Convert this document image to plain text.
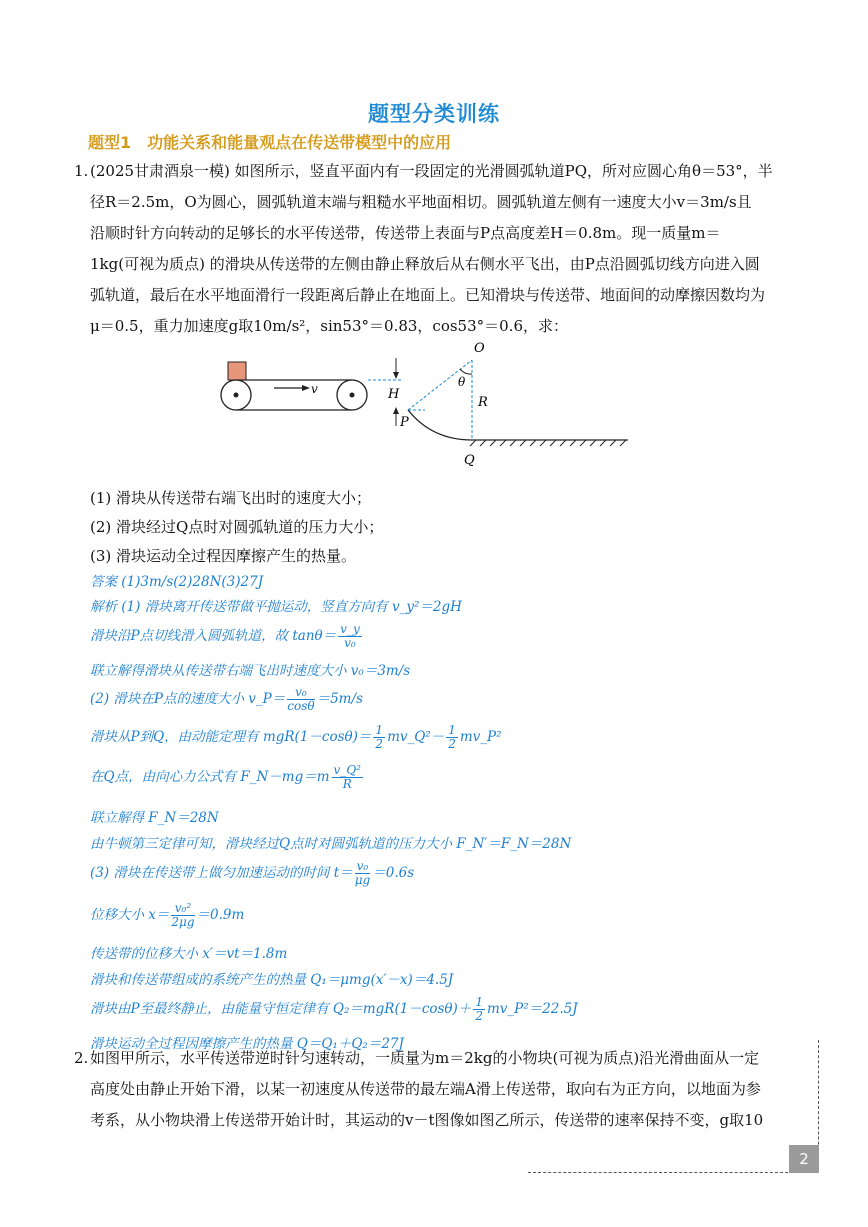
题型分类训练
题型1 功能关系和能量观点在传送带模型中的应用
1. (2025甘肃酒泉一模) 如图所示，竖直平面内有一段固定的光滑圆弧轨道PQ，所对应圆心角θ＝53°，半
径R＝2.5m，O为圆心，圆弧轨道末端与粗糙水平地面相切。圆弧轨道左侧有一速度大小v＝3m/s且
沿顺时针方向转动的足够长的水平传送带，传送带上表面与P点高度差H＝0.8m。现一质量m＝
1kg(可视为质点) 的滑块从传送带的左侧由静止释放后从右侧水平飞出，由P点沿圆弧切线方向进入圆
弧轨道，最后在水平地面滑行一段距离后静止在地面上。已知滑块与传送带、地面间的动摩擦因数均为
μ＝0.5，重力加速度g取10m/s²，sin53°＝0.83，cos53°＝0.6，求：
v	H
P
O
θ
R
Q
(1) 滑块从传送带右端飞出时的速度大小；
(2) 滑块经过Q点时对圆弧轨道的压力大小；
(3) 滑块运动全过程因摩擦产生的热量。
答案 (1)3m/s(2)28N(3)27J
解析 (1) 滑块离开传送带做平抛运动，竖直方向有 v_y²＝2gH
滑块沿P点切线滑入圆弧轨道，故 $\tan\theta= \frac{v\_y}{\text{v₀}}$
联立解得滑块从传送带右端飞出时速度大小 v₀＝3m/s
(2) 滑块在P点的速度大小 v_P＝ $\frac{\text{v₀}}{\cos\theta} =5m/s$
滑块从P到Q，由动能定理有 $mgR(1-\cos\theta)= \frac{1}{2}$ mv_Q²－ $\frac{1}{2}$ mv_P²
在Q点，由向心力公式有 F_N－mg＝m $\frac{\text{v\_Q²}}{R}$
联立解得 F_N＝28N
由牛顿第三定律可知，滑块经过Q点时对圆弧轨道的压力大小 F_N′＝F_N＝28N
(3) 滑块在传送带上做匀加速运动的时间 $t= \frac{\text{v₀}}{\mu g} =0.6s$
位移大小 $x= \frac{\text{v₀²}}{2\mu g} =0.9m$
传送带的位移大小 x′＝vt＝1.8m
滑块和传送带组成的系统产生的热量 Q₁＝μmg(x′－x)＝4.5J
滑块由P至最终静止，由能量守恒定律有 $Q_2=mgR(1-\cos\theta)+ \frac{1}{2}$ mv_P²＝22.5J
滑块运动全过程因摩擦产生的热量 Q＝Q₁＋Q₂＝27J
2. 如图甲所示，水平传送带逆时针匀速转动，一质量为m＝2kg的小物块(可视为质点)沿光滑曲面从一定
高度处由静止开始下滑，以某一初速度从传送带的最左端A滑上传送带，取向右为正方向，以地面为参
考系，从小物块滑上传送带开始计时，其运动的v－t图像如图乙所示，传送带的速率保持不变，g取10
2
